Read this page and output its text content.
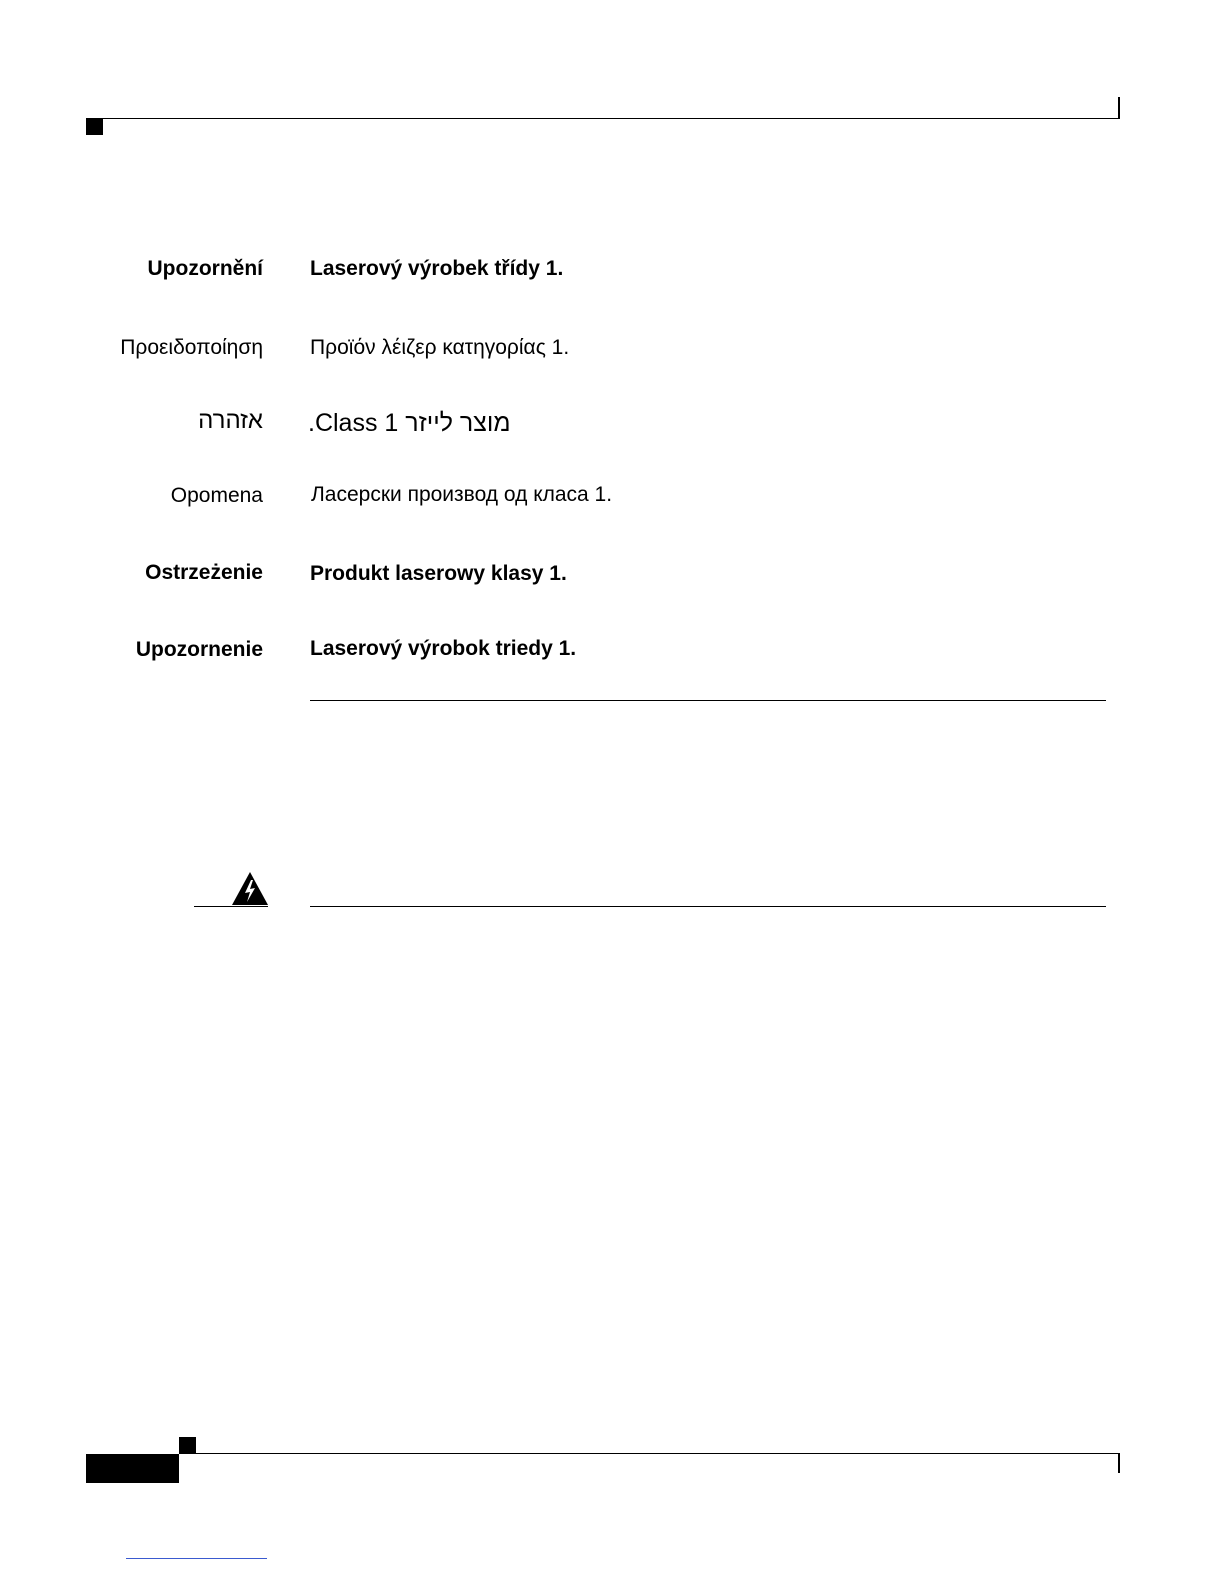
Upozornění Laserový výrobek třídy 1.
Προειδοποίηση Προϊόν λέιζερ κατηγορίας 1.
אזהרה .Class 1 מוצר לייזר
Opomena Ласерски производ од класа 1.
Ostrzeżenie Produkt laserowy klasy 1.
Upozornenie Laserový výrobok triedy 1.
